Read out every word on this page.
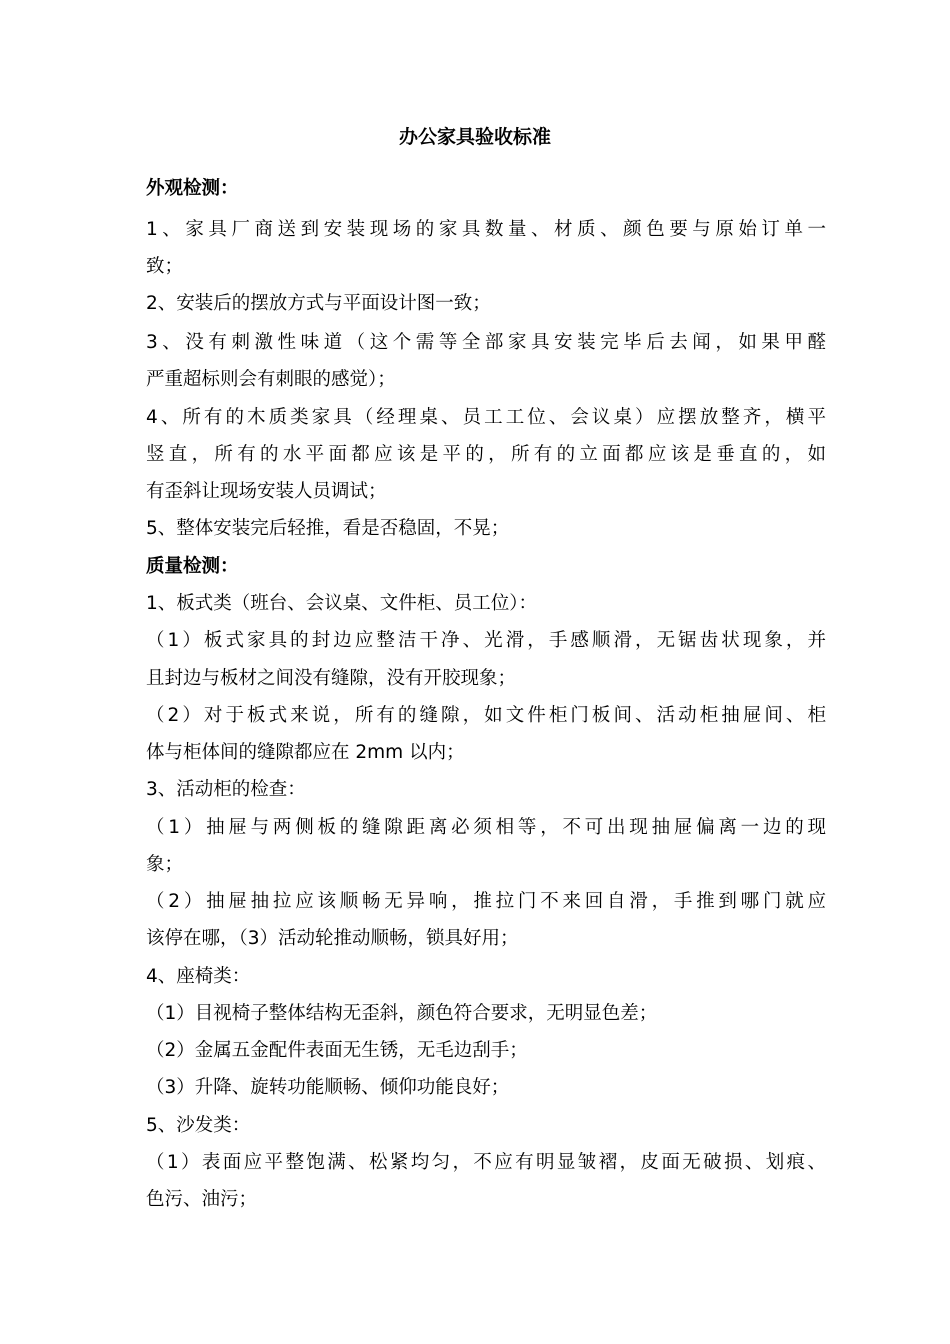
办公家具验收标准

外观检测：

1、家具厂商送到安装现场的家具数量、材质、颜色要与原始订单一

致；

2、安装后的摆放方式与平面设计图一致；

3、没有刺激性味道（这个需等全部家具安装完毕后去闻，如果甲醛

严重超标则会有刺眼的感觉）；

4、所有的木质类家具（经理桌、员工工位、会议桌）应摆放整齐，横平

竖直，所有的水平面都应该是平的，所有的立面都应该是垂直的，如

有歪斜让现场安装人员调试；

5、整体安装完后轻推，看是否稳固，不晃；

质量检测：

1、板式类（班台、会议桌、文件柜、员工位）：

（1）板式家具的封边应整洁干净、光滑，手感顺滑，无锯齿状现象，并

且封边与板材之间没有缝隙，没有开胶现象；

（2）对于板式来说，所有的缝隙，如文件柜门板间、活动柜抽屉间、柜

体与柜体间的缝隙都应在 2mm 以内；

3、活动柜的检查：

（1）抽屉与两侧板的缝隙距离必须相等，不可出现抽屉偏离一边的现

象；

（2）抽屉抽拉应该顺畅无异响，推拉门不来回自滑，手推到哪门就应

该停在哪，（3）活动轮推动顺畅，锁具好用；

4、座椅类：

（1）目视椅子整体结构无歪斜，颜色符合要求，无明显色差；

（2）金属五金配件表面无生锈，无毛边刮手；

（3）升降、旋转功能顺畅、倾仰功能良好；

5、沙发类：

（1）表面应平整饱满、松紧均匀，不应有明显皱褶，皮面无破损、划痕、

色污、油污；
